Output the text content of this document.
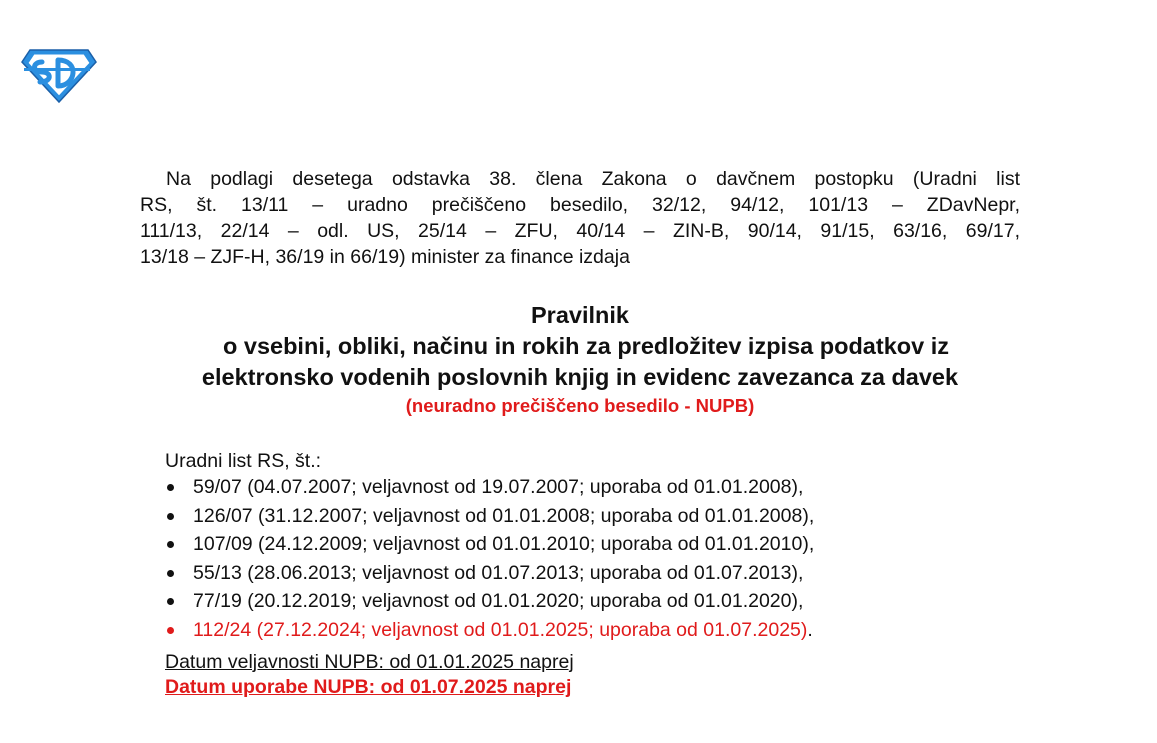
Na podlagi desetega odstavka 38. člena Zakona o davčnem postopku (Uradni list
RS, št. 13/11 – uradno prečiščeno besedilo, 32/12, 94/12, 101/13 – ZDavNepr,
111/13, 22/14 – odl. US, 25/14 – ZFU, 40/14 – ZIN-B, 90/14, 91/15, 63/16, 69/17,
13/18 – ZJF-H, 36/19 in 66/19) minister za finance izdaja

Pravilnik

o vsebini, obliki, načinu in rokih za predložitev izpisa podatkov iz

elektronsko vodenih poslovnih knjig in evidenc zavezanca za davek

(neuradno prečiščeno besedilo - NUPB)

Uradni list RS, št.:

59/07 (04.07.2007; veljavnost od 19.07.2007; uporaba od 01.01.2008),
126/07 (31.12.2007; veljavnost od 01.01.2008; uporaba od 01.01.2008),
107/09 (24.12.2009; veljavnost od 01.01.2010; uporaba od 01.01.2010),
55/13 (28.06.2013; veljavnost od 01.07.2013; uporaba od 01.07.2013),
77/19 (20.12.2019; veljavnost od 01.01.2020; uporaba od 01.01.2020),
112/24 (27.12.2024; veljavnost od 01.01.2025; uporaba od 01.07.2025).

Datum veljavnosti NUPB: od 01.01.2025 naprej

Datum uporabe NUPB: od 01.07.2025 naprej
